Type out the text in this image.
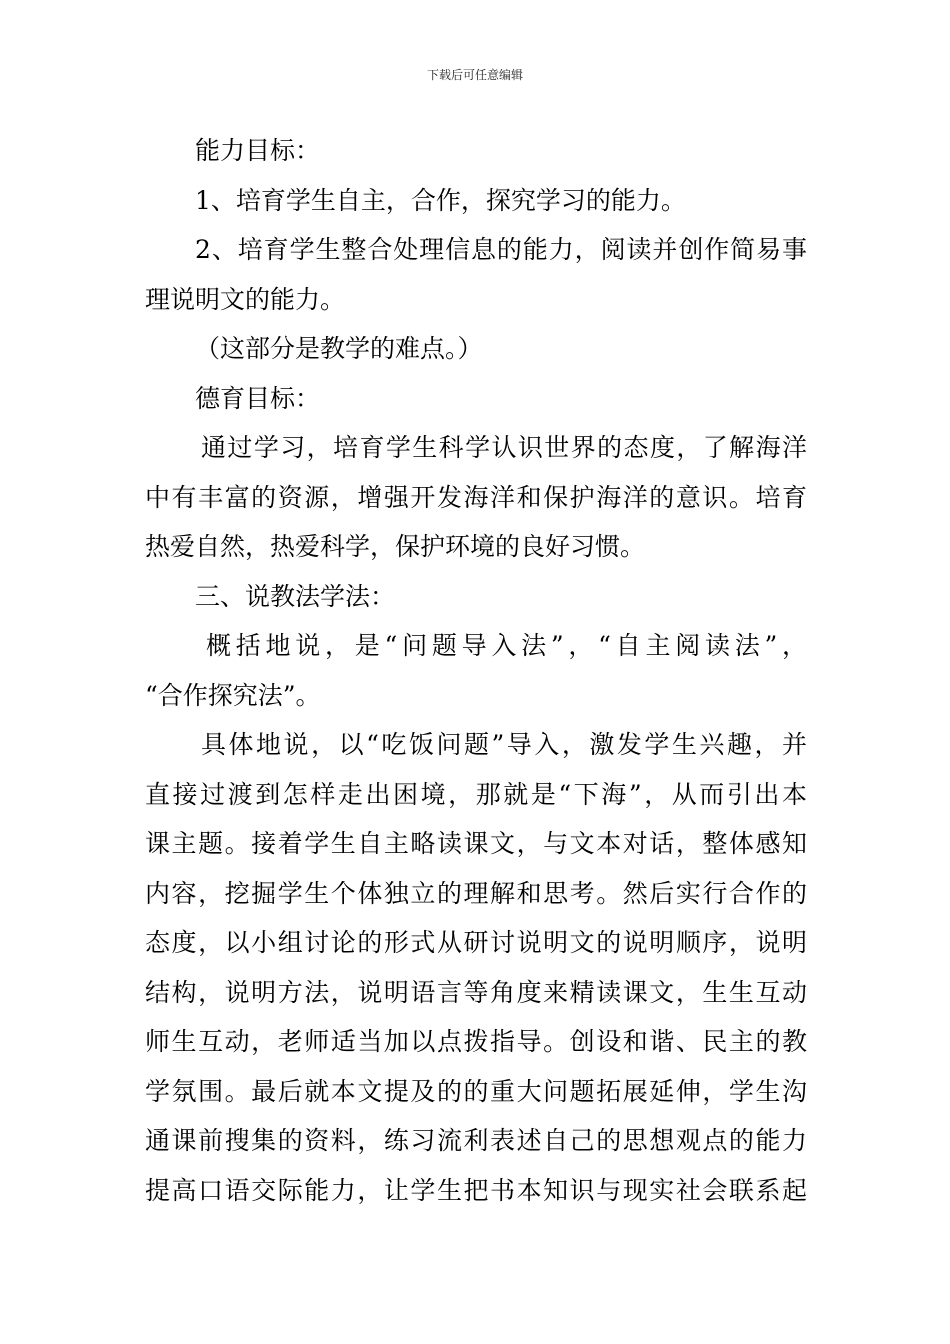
下载后可任意编辑
能力目标：
1、培育学生自主，合作，探究学习的能力。
2、培育学生整合处理信息的能力，阅读并创作简易事
理说明文的能力。
（这部分是教学的难点。）
德育目标：
通过学习，培育学生科学认识世界的态度，了解海洋
中有丰富的资源，增强开发海洋和保护海洋的意识。培育
热爱自然，热爱科学，保护环境的良好习惯。
三、说教法学法：
概括地说，是“问题导入法”，“自主阅读法”，
“合作探究法”。
具体地说，以“吃饭问题”导入，激发学生兴趣，并
直接过渡到怎样走出困境，那就是“下海”，从而引出本
课主题。接着学生自主略读课文，与文本对话，整体感知
内容，挖掘学生个体独立的理解和思考。然后实行合作的
态度，以小组讨论的形式从研讨说明文的说明顺序，说明
结构，说明方法，说明语言等角度来精读课文，生生互动
师生互动，老师适当加以点拨指导。创设和谐、民主的教
学氛围。最后就本文提及的的重大问题拓展延伸，学生沟
通课前搜集的资料，练习流利表述自己的思想观点的能力
提高口语交际能力，让学生把书本知识与现实社会联系起
